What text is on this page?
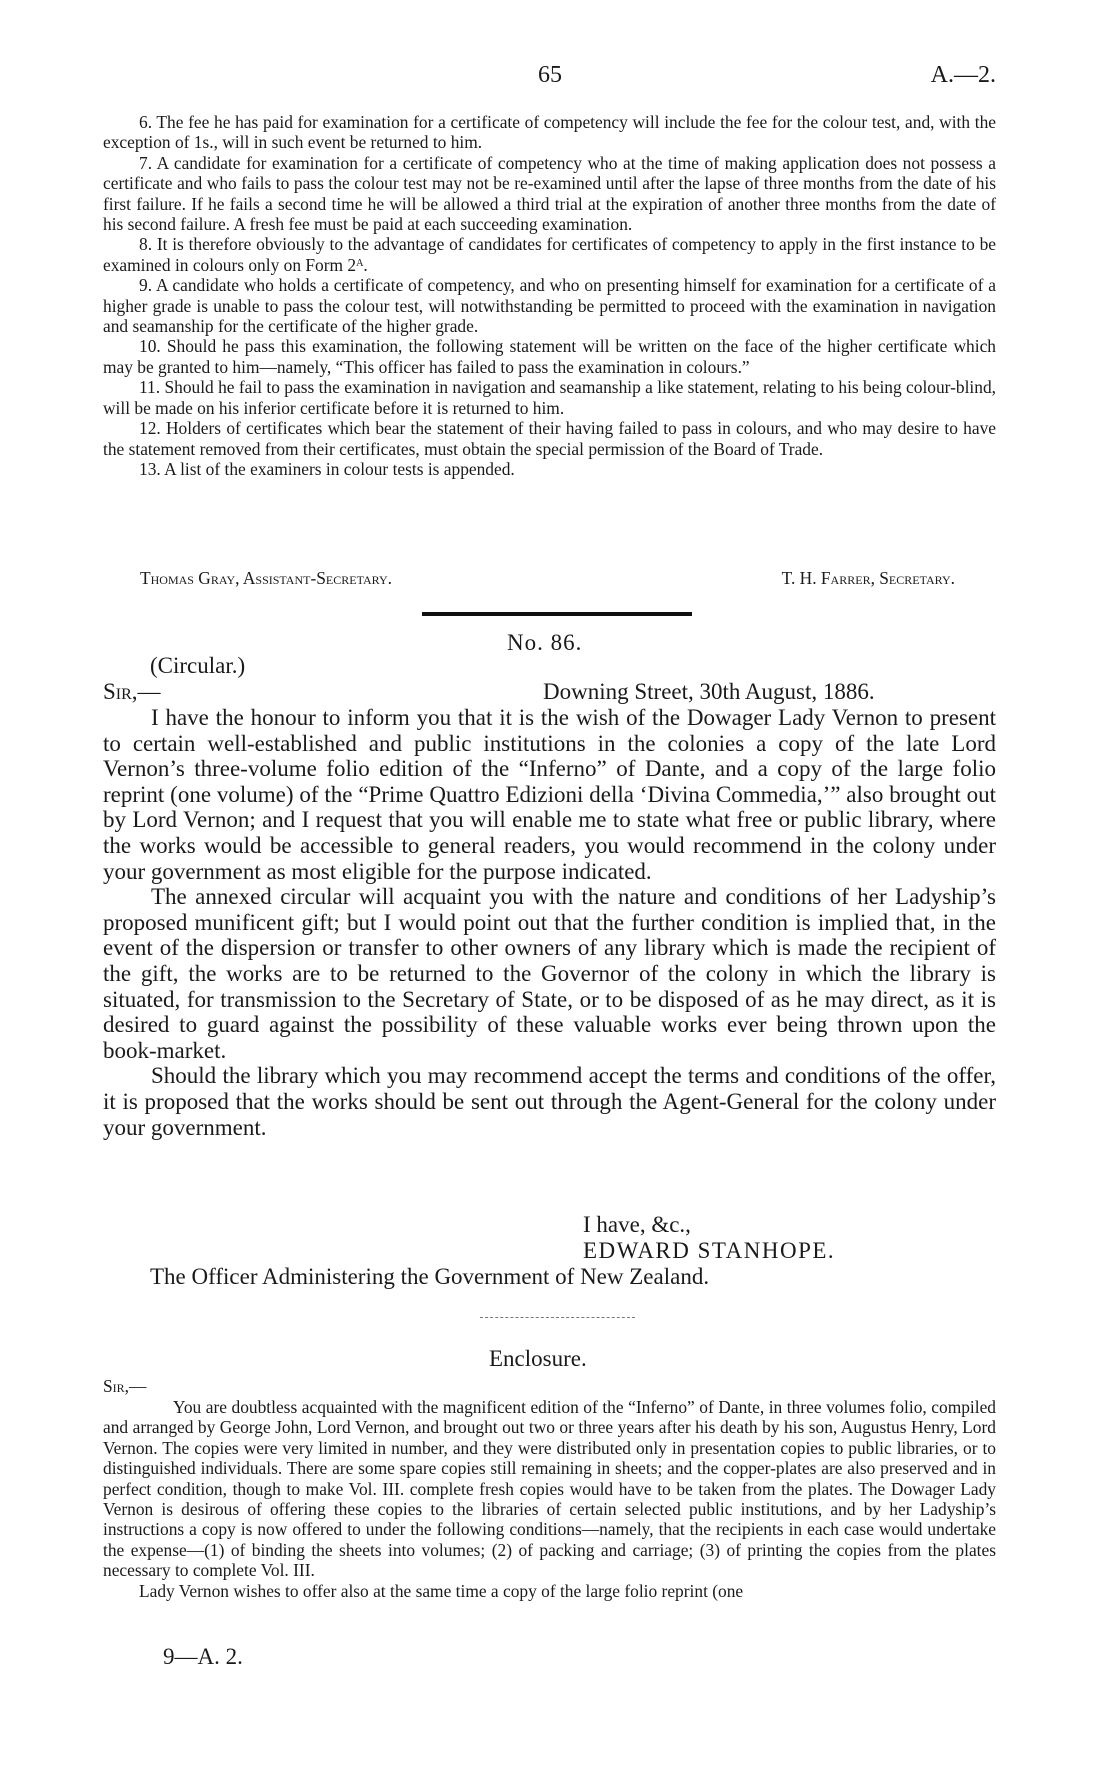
65	A.—2.

6. The fee he has paid for examination for a certificate of competency will include the fee for the colour test, and, with the exception of 1s., will in such event be returned to him.

7. A candidate for examination for a certificate of competency who at the time of making application does not possess a certificate and who fails to pass the colour test may not be re-examined until after the lapse of three months from the date of his first failure. If he fails a second time he will be allowed a third trial at the expiration of another three months from the date of his second failure. A fresh fee must be paid at each succeeding examination.

8. It is therefore obviously to the advantage of candidates for certificates of competency to apply in the first instance to be examined in colours only on Form 2ᴬ.

9. A candidate who holds a certificate of competency, and who on presenting himself for examination for a certificate of a higher grade is unable to pass the colour test, will notwithstanding be permitted to proceed with the examination in navigation and seamanship for the certificate of the higher grade.

10. Should he pass this examination, the following statement will be written on the face of the higher certificate which may be granted to him—namely, “This officer has failed to pass the examination in colours.”

11. Should he fail to pass the examination in navigation and seamanship a like statement, relating to his being colour-blind, will be made on his inferior certificate before it is returned to him.

12. Holders of certificates which bear the statement of their having failed to pass in colours, and who may desire to have the statement removed from their certificates, must obtain the special permission of the Board of Trade.

13. A list of the examiners in colour tests is appended.

Thomas Gray, Assistant-Secretary.	T. H. Farrer, Secretary.
No. 86.
(Circular.)
Sir,—	Downing Street, 30th August, 1886.

I have the honour to inform you that it is the wish of the Dowager Lady Vernon to present to certain well-established and public institutions in the colonies a copy of the late Lord Vernon’s three-volume folio edition of the “Inferno” of Dante, and a copy of the large folio reprint (one volume) of the “Prime Quattro Edizioni della ‘Divina Commedia,’” also brought out by Lord Vernon; and I request that you will enable me to state what free or public library, where the works would be accessible to general readers, you would recommend in the colony under your government as most eligible for the purpose indicated.

The annexed circular will acquaint you with the nature and conditions of her Ladyship’s proposed munificent gift; but I would point out that the further condition is implied that, in the event of the dispersion or transfer to other owners of any library which is made the recipient of the gift, the works are to be returned to the Governor of the colony in which the library is situated, for transmission to the Secretary of State, or to be disposed of as he may direct, as it is desired to guard against the possibility of these valuable works ever being thrown upon the book-market.

Should the library which you may recommend accept the terms and conditions of the offer, it is proposed that the works should be sent out through the Agent-General for the colony under your government.

I have, &c.,
EDWARD STANHOPE.
The Officer Administering the Government of New Zealand.
Enclosure.
Sir,—

You are doubtless acquainted with the magnificent edition of the “Inferno” of Dante, in three volumes folio, compiled and arranged by George John, Lord Vernon, and brought out two or three years after his death by his son, Augustus Henry, Lord Vernon. The copies were very limited in number, and they were distributed only in presentation copies to public libraries, or to distinguished individuals. There are some spare copies still remaining in sheets; and the copper-plates are also preserved and in perfect condition, though to make Vol. III. complete fresh copies would have to be taken from the plates. The Dowager Lady Vernon is desirous of offering these copies to the libraries of certain selected public institutions, and by her Ladyship’s instructions a copy is now offered to under the following conditions—namely, that the recipients in each case would undertake the expense—(1) of binding the sheets into volumes; (2) of packing and carriage; (3) of printing the copies from the plates necessary to complete Vol. III.

Lady Vernon wishes to offer also at the same time a copy of the large folio reprint (one

9—A. 2.
